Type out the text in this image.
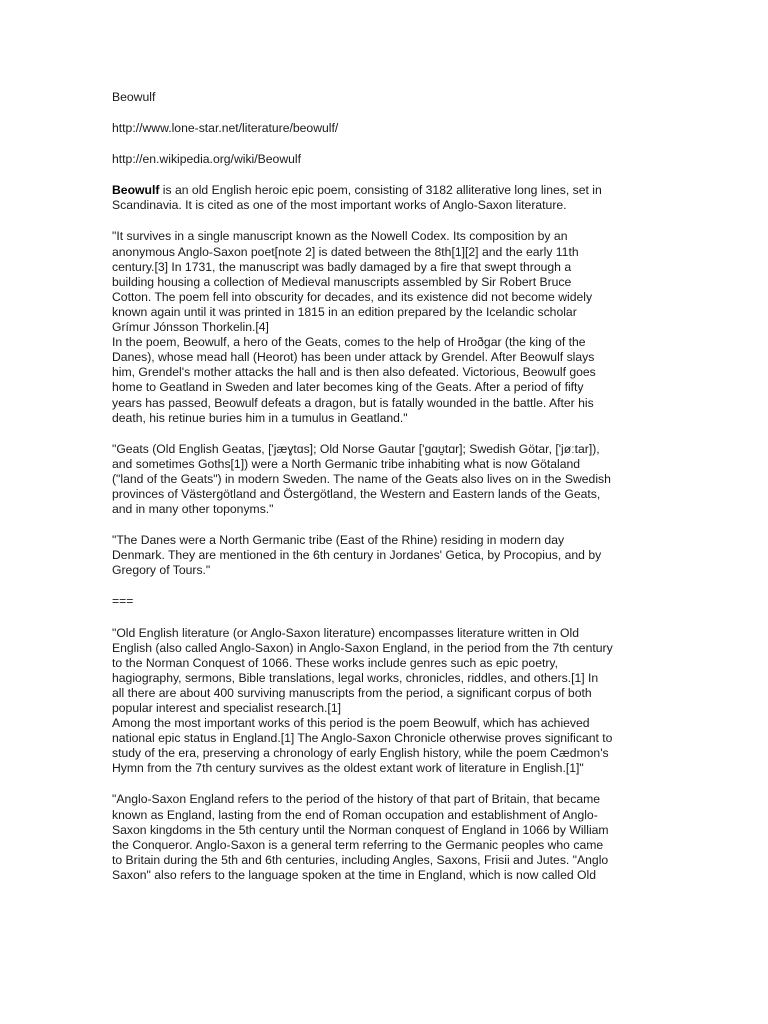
Beowulf
http://www.lone-star.net/literature/beowulf/
http://en.wikipedia.org/wiki/Beowulf
Beowulf is an old English heroic epic poem, consisting of 3182 alliterative long lines, set in
Scandinavia. It is cited as one of the most important works of Anglo-Saxon literature.
"It survives in a single manuscript known as the Nowell Codex. Its composition by an
anonymous Anglo-Saxon poet[note 2] is dated between the 8th[1][2] and the early 11th
century.[3] In 1731, the manuscript was badly damaged by a fire that swept through a
building housing a collection of Medieval manuscripts assembled by Sir Robert Bruce
Cotton. The poem fell into obscurity for decades, and its existence did not become widely
known again until it was printed in 1815 in an edition prepared by the Icelandic scholar
Grímur Jónsson Thorkelin.[4]
In the poem, Beowulf, a hero of the Geats, comes to the help of Hroðgar (the king of the
Danes), whose mead hall (Heorot) has been under attack by Grendel. After Beowulf slays
him, Grendel's mother attacks the hall and is then also defeated. Victorious, Beowulf goes
home to Geatland in Sweden and later becomes king of the Geats. After a period of fifty
years has passed, Beowulf defeats a dragon, but is fatally wounded in the battle. After his
death, his retinue buries him in a tumulus in Geatland."
"Geats (Old English Geatas, ['jæɣtɑs]; Old Norse Gautar ['ɡɑʊ̯tɑr]; Swedish Götar, ['jøːtar]),
and sometimes Goths[1]) were a North Germanic tribe inhabiting what is now Götaland
("land of the Geats") in modern Sweden. The name of the Geats also lives on in the Swedish
provinces of Västergötland and Östergötland, the Western and Eastern lands of the Geats,
and in many other toponyms."
"The Danes were a North Germanic tribe (East of the Rhine) residing in modern day
Denmark. They are mentioned in the 6th century in Jordanes' Getica, by Procopius, and by
Gregory of Tours."
===
"Old English literature (or Anglo-Saxon literature) encompasses literature written in Old
English (also called Anglo-Saxon) in Anglo-Saxon England, in the period from the 7th century
to the Norman Conquest of 1066. These works include genres such as epic poetry,
hagiography, sermons, Bible translations, legal works, chronicles, riddles, and others.[1] In
all there are about 400 surviving manuscripts from the period, a significant corpus of both
popular interest and specialist research.[1]
Among the most important works of this period is the poem Beowulf, which has achieved
national epic status in England.[1] The Anglo-Saxon Chronicle otherwise proves significant to
study of the era, preserving a chronology of early English history, while the poem Cædmon's
Hymn from the 7th century survives as the oldest extant work of literature in English.[1]"
"Anglo-Saxon England refers to the period of the history of that part of Britain, that became
known as England, lasting from the end of Roman occupation and establishment of Anglo-
Saxon kingdoms in the 5th century until the Norman conquest of England in 1066 by William
the Conqueror. Anglo-Saxon is a general term referring to the Germanic peoples who came
to Britain during the 5th and 6th centuries, including Angles, Saxons, Frisii and Jutes. "Anglo
Saxon" also refers to the language spoken at the time in England, which is now called Old
